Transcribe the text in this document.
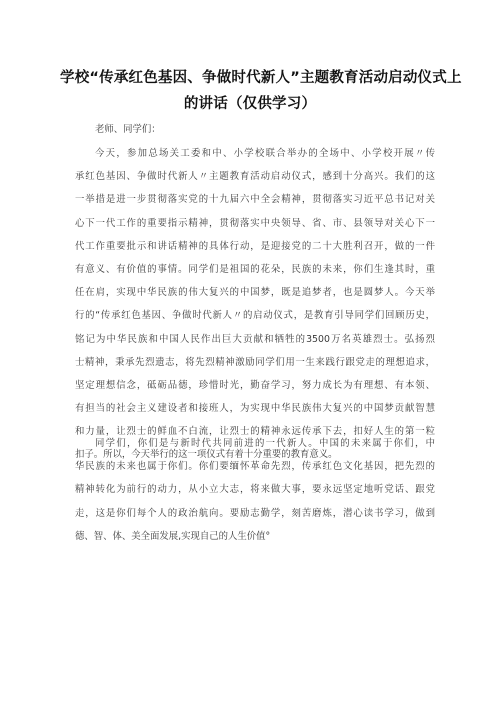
学校“传承红色基因、争做时代新人”主题教育活动启动仪式上
的讲话（仅供学习）
老师、同学们：
今天，参加总场关工委和中、小学校联合举办的全场中、小学校开展〃传
承红色基因、争做时代新人〃主题教育活动启动仪式，感到十分高兴。我们的这
一举措是进一步贯彻落实党的十九届六中全会精神，贯彻落实习近平总书记对关
心下一代工作的重要指示精神，贯彻落实中央领导、省、市、县领导对关心下一
代工作重要批示和讲话精神的具体行动，是迎接党的二十大胜利召开，做的一件
有意义、有价值的事情。同学们是祖国的花朵，民族的未来，你们生逢其时，重
任在肩，实现中华民族的伟大复兴的中国梦，既是追梦者，也是圆梦人。今天举
行的“传承红色基因、争做时代新人〃的启动仪式，是教育引导同学们回顾历史，
铭记为中华民族和中国人民作出巨大贡献和牺牲的3500万名英雄烈士。弘扬烈
士精神，秉承先烈遗志，将先烈精神激励同学们用一生来践行跟党走的理想追求，
坚定理想信念，砥砺品德，珍惜时光，勤奋学习，努力成长为有理想、有本领、
有担当的社会主义建设者和接班人，为实现中华民族伟大复兴的中国梦贡献智慧
和力量，让烈士的鲜血不白流，让烈士的精神永远传承下去，扣好人生的第一粒
扣子。所以，今天举行的这一项仪式有着十分重要的教育意义。
同学们，你们是与新时代共同前进的一代新人。中国的未来属于你们，中
华民族的未来也属于你们。你们要缅怀革命先烈，传承红色文化基因，把先烈的
精神转化为前行的动力，从小立大志，将来做大事，要永远坚定地听党话、跟党
走，这是你们每个人的政治航向。要励志勤学，刻苦磨炼，潜心读书学习，做到
德、智、体、美全面发展,实现自己的人生价值°
